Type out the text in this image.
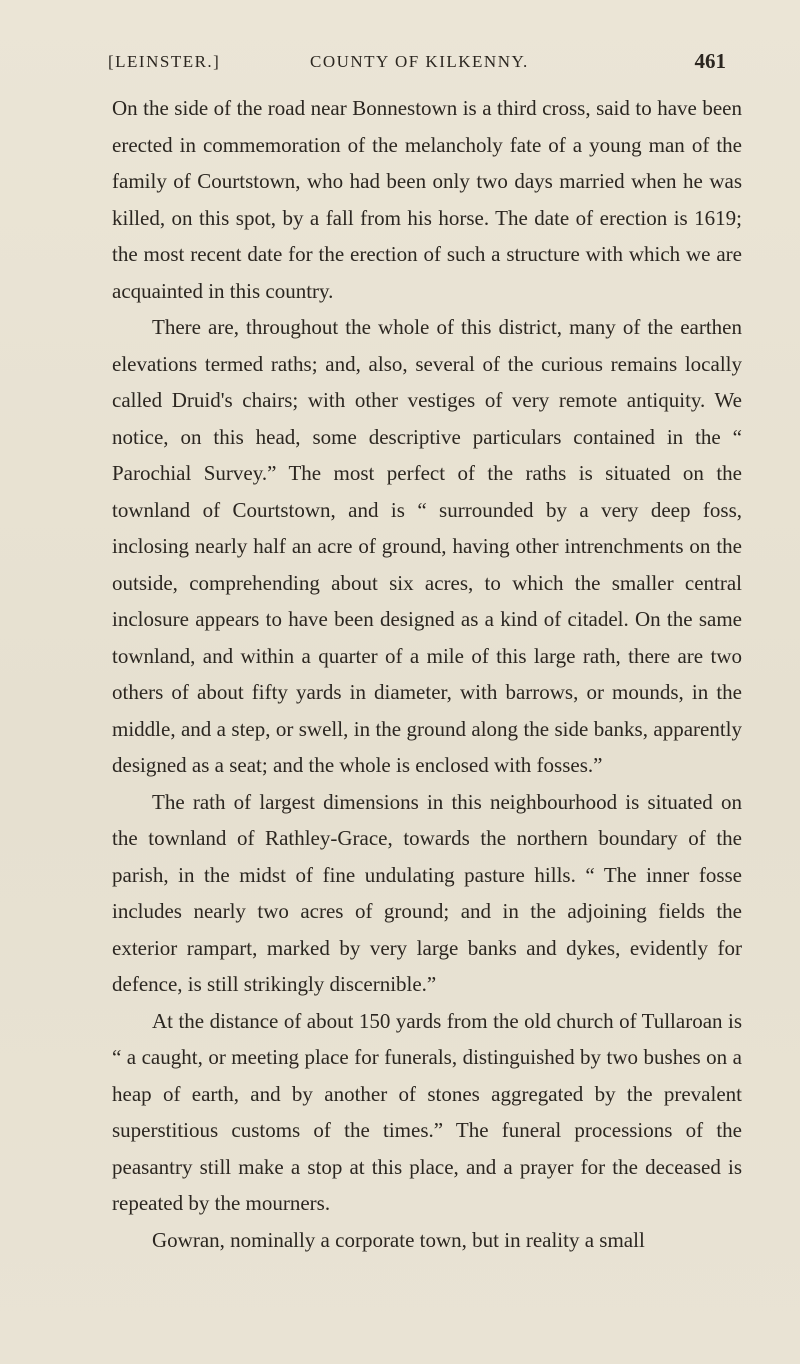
[LEINSTER.]	COUNTY OF KILKENNY.	461

On the side of the road near Bonnestown is a third cross, said to have been erected in commemoration of the melancholy fate of a young man of the family of Courtstown, who had been only two days married when he was killed, on this spot, by a fall from his horse. The date of erection is 1619; the most recent date for the erection of such a structure with which we are acquainted in this country.

There are, throughout the whole of this district, many of the earthen elevations termed raths; and, also, several of the curious remains locally called Druid's chairs; with other vestiges of very remote antiquity. We notice, on this head, some descriptive particulars contained in the “ Parochial Survey.” The most perfect of the raths is situated on the townland of Courtstown, and is “ surrounded by a very deep foss, inclosing nearly half an acre of ground, having other intrenchments on the outside, comprehending about six acres, to which the smaller central inclosure appears to have been designed as a kind of citadel. On the same townland, and within a quarter of a mile of this large rath, there are two others of about fifty yards in diameter, with barrows, or mounds, in the middle, and a step, or swell, in the ground along the side banks, apparently designed as a seat; and the whole is enclosed with fosses.”

The rath of largest dimensions in this neighbourhood is situated on the townland of Rathley-Grace, towards the northern boundary of the parish, in the midst of fine undulating pasture hills. “ The inner fosse includes nearly two acres of ground; and in the adjoining fields the exterior rampart, marked by very large banks and dykes, evidently for defence, is still strikingly discernible.”

At the distance of about 150 yards from the old church of Tullaroan is “ a caught, or meeting place for funerals, distinguished by two bushes on a heap of earth, and by another of stones aggregated by the prevalent superstitious customs of the times.” The funeral processions of the peasantry still make a stop at this place, and a prayer for the deceased is repeated by the mourners.

Gowran, nominally a corporate town, but in reality a small
